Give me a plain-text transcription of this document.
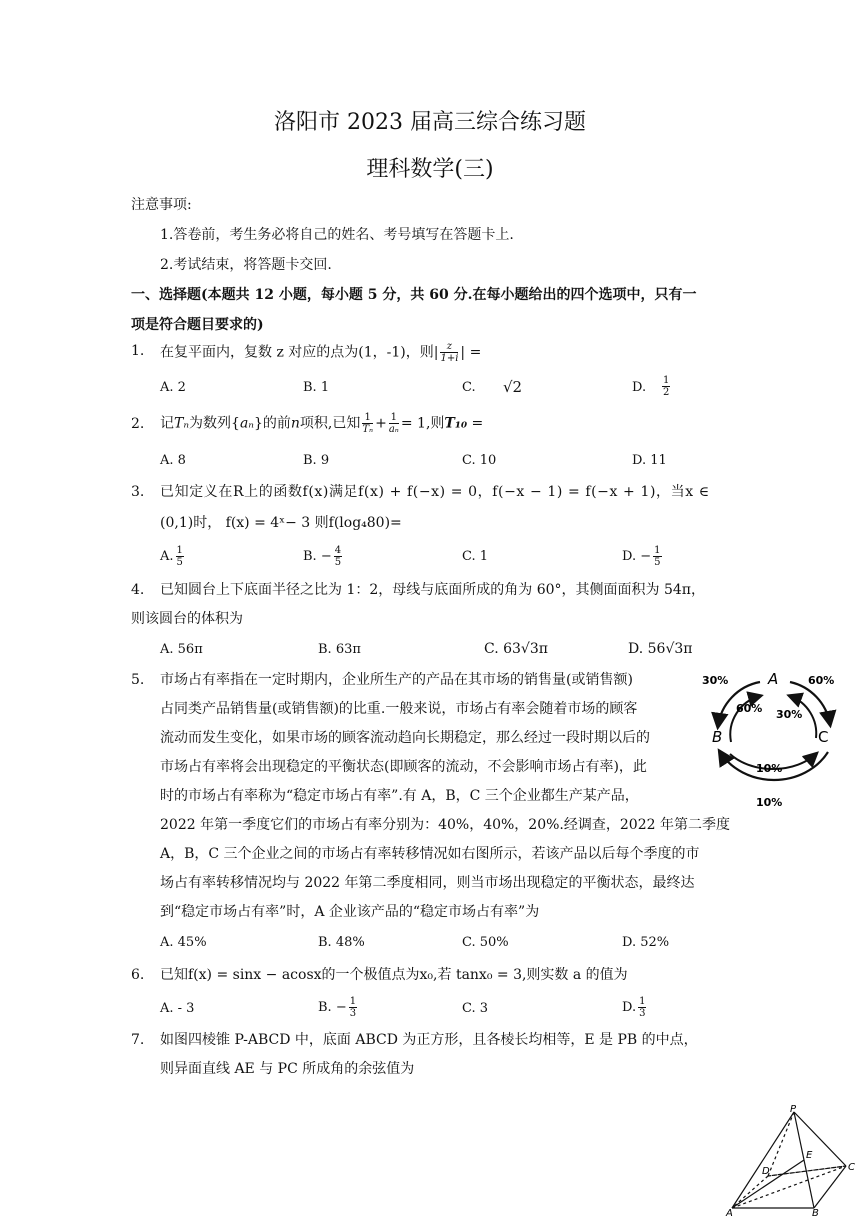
洛阳市 2023 届高三综合练习题
理科数学(三)
注意事项:
1.答卷前，考生务必将自己的姓名、考号填写在答题卡上.
2.考试结束，将答题卡交回.
一、选择题(本题共 12 小题，每小题 5 分，共 60 分.在每小题给出的四个选项中，只有一
项是符合题目要求的)
1. 在复平面内，复数 z 对应的点为(1，-1)，则| $\frac{z}{1+i}$ | =
A. 2	B. 1	C. √2	D. $\frac{1}{2}$
2. 记Tₙ为数列{aₙ}的前n项积,已知 $\frac{1}{\text{Tₙ}} + \frac{1}{\text{aₙ}} = 1$,则T₁₀ =
A. 8	B. 9	C. 10	D. 11
3. 已知定义在R上的函数f(x)满足f(x) + f(−x) = 0，f(−x − 1) = f(−x + 1)，当x ∈
(0,1)时， f(x) = 4ˣ− 3 则f(log₄80)=
A. $\frac{1}{5}$	B. − $\frac{4}{5}$	C. 1	D. − $\frac{1}{5}$
4. 已知圆台上下底面半径之比为 1：2，母线与底面所成的角为 60°，其侧面面积为 54π，
则该圆台的体积为
A. 56π	B. 63π	C. 63√3π	D. 56√3π
5. 市场占有率指在一定时期内，企业所生产的产品在其市场的销售量(或销售额)
占同类产品销售量(或销售额)的比重.一般来说，市场占有率会随着市场的顾客
流动而发生变化，如果市场的顾客流动趋向长期稳定，那么经过一段时期以后的
市场占有率将会出现稳定的平衡状态(即顾客的流动，不会影响市场占有率)，此
时的市场占有率称为“稳定市场占有率”.有 A，B，C 三个企业都生产某产品，
2022 年第一季度它们的市场占有率分别为：40%，40%，20%.经调查，2022 年第二季度
A，B，C 三个企业之间的市场占有率转移情况如右图所示，若该产品以后每个季度的市
场占有率转移情况均与 2022 年第二季度相同，则当市场出现稳定的平衡状态，最终达
到“稳定市场占有率”时，A 企业该产品的“稳定市场占有率”为
A. 45%	B. 48%	C. 50%	D. 52%
A
B	C
30%	60%
60% 30%
10%
10%
6. 已知f(x) = sinx − acosx的一个极值点为x₀,若 tanx₀ = 3,则实数 a 的值为
A. - 3	B. − $\frac{1}{3}$	C. 3	D. $\frac{1}{3}$
7. 如图四棱锥 P-ABCD 中，底面 ABCD 为正方形，且各棱长均相等，E 是 PB 的中点，
则异面直线 AE 与 PC 所成角的余弦值为
P
A	B
C
D
E
